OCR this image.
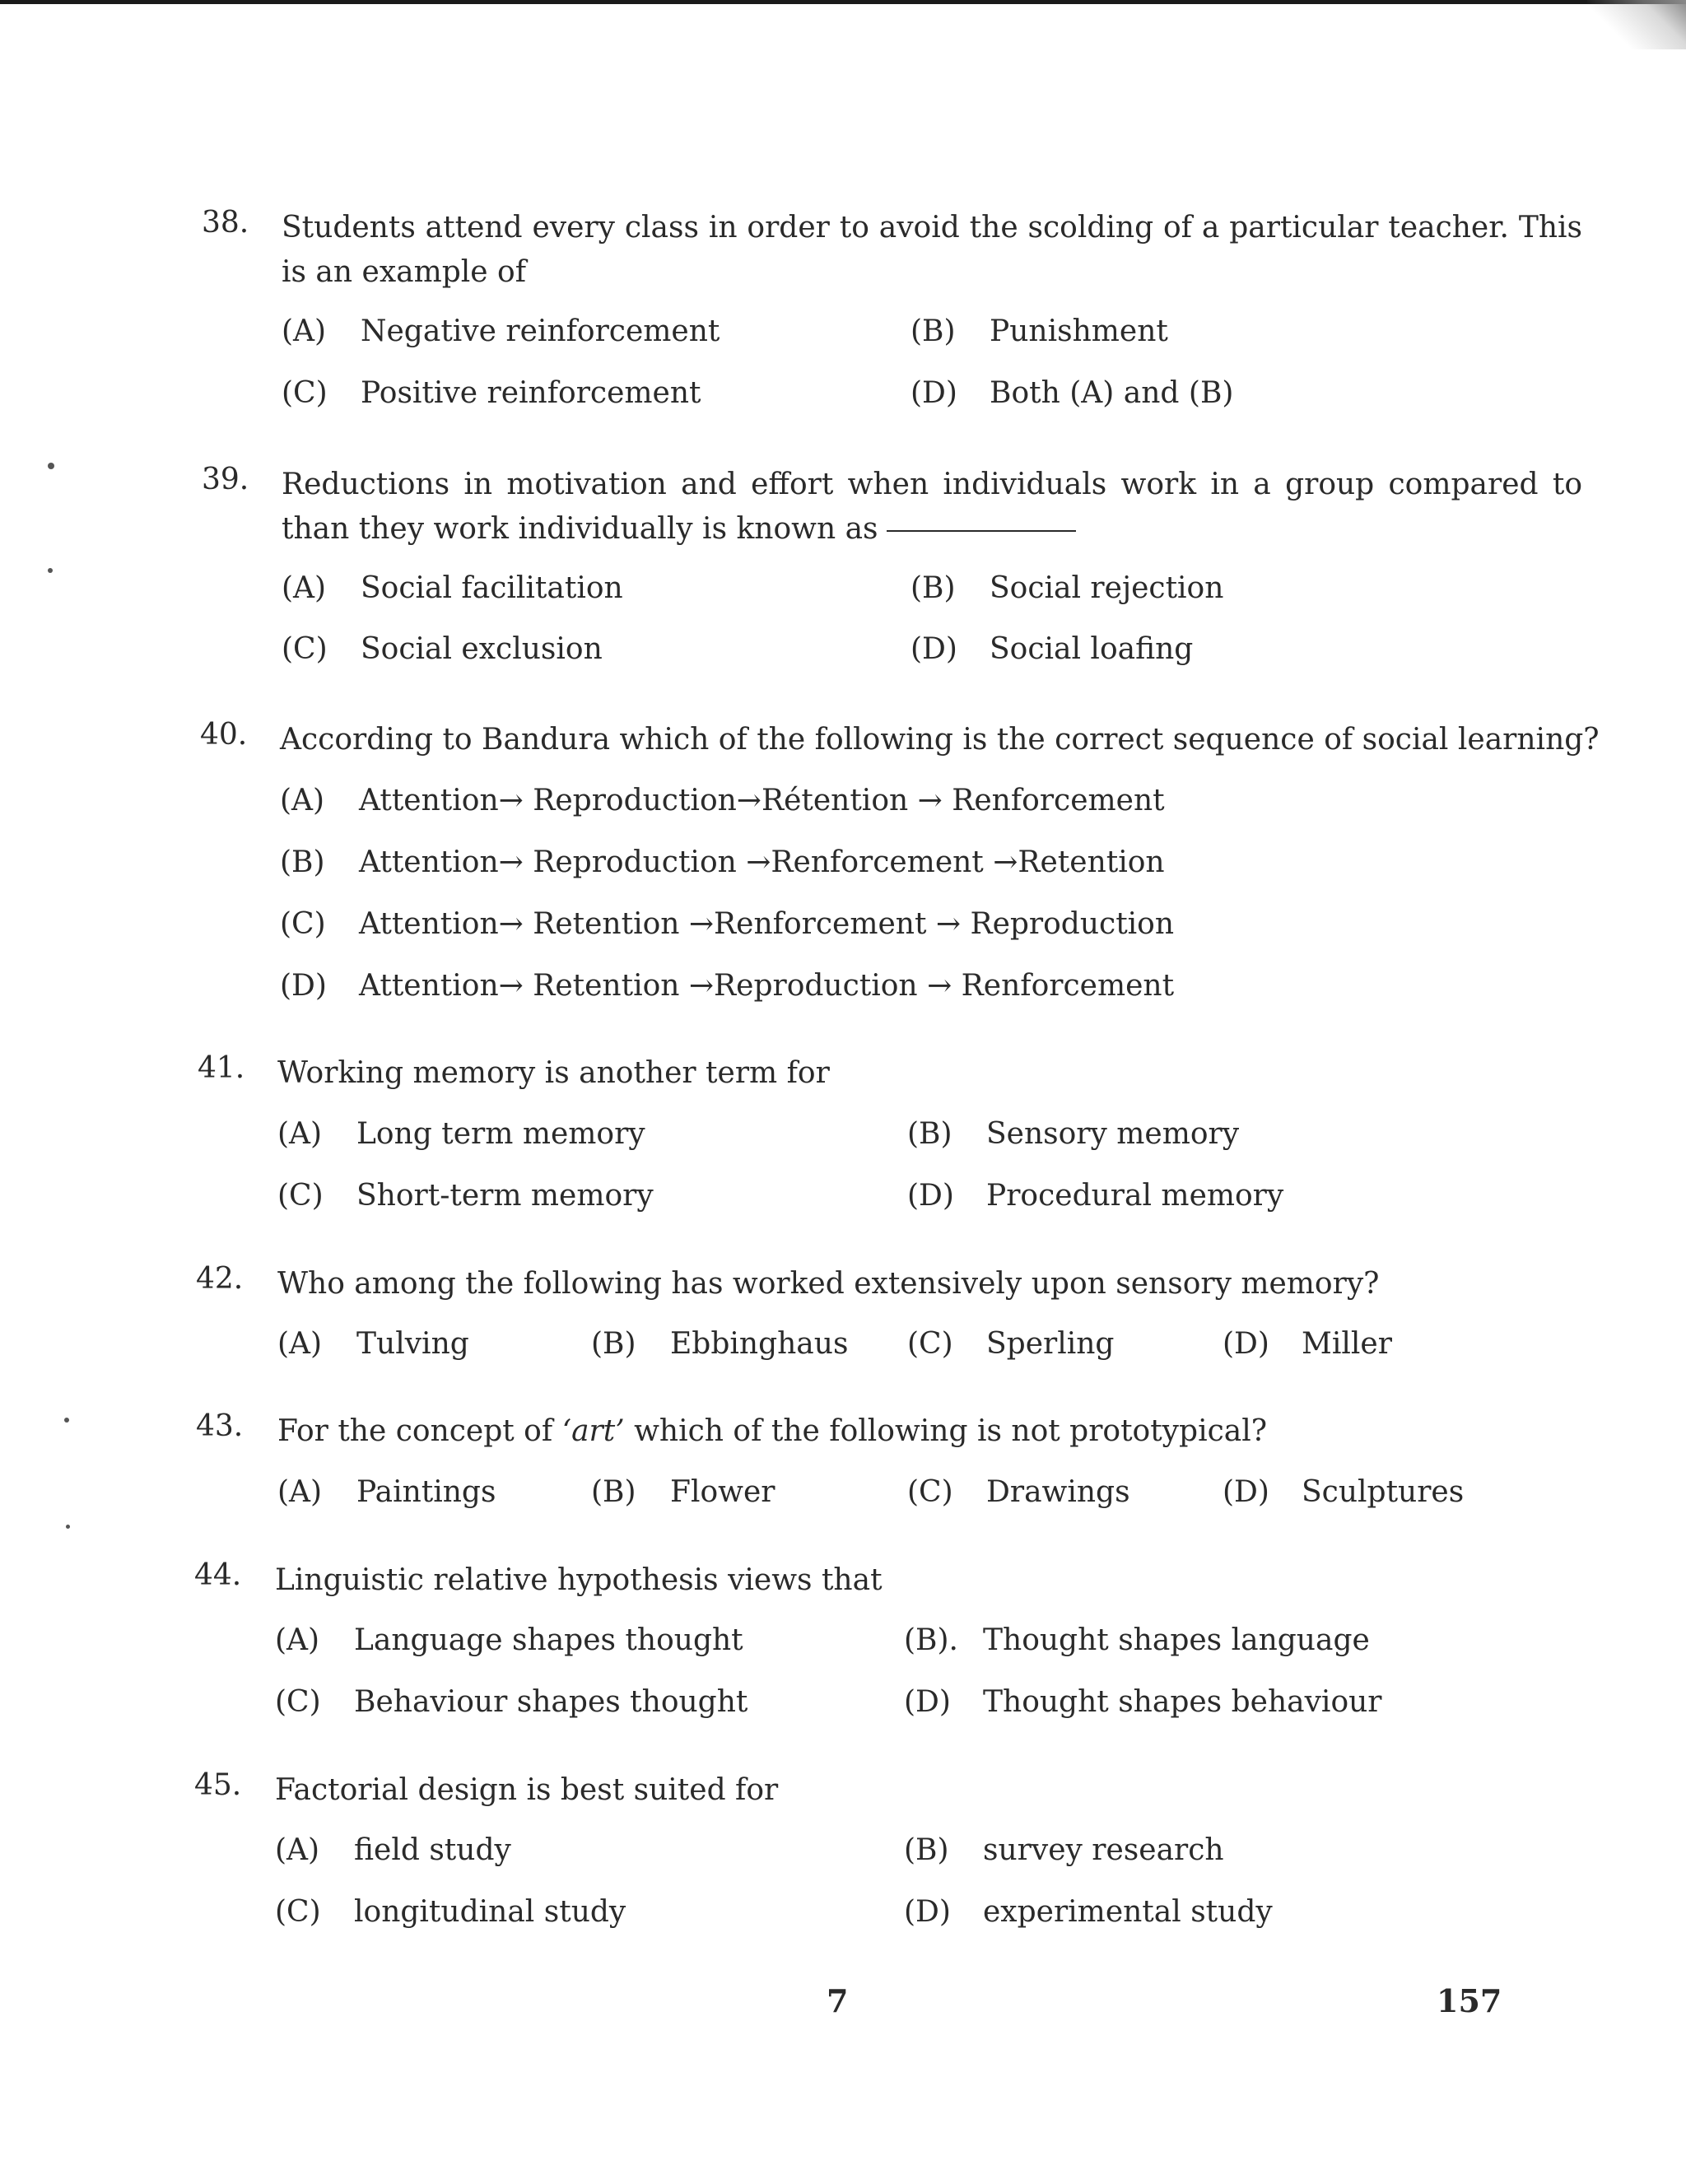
38. Students attend every class in order to avoid the scolding of a particular teacher. This is an example of
(A) Negative reinforcement	(B) Punishment
(C) Positive reinforcement	(D) Both (A) and (B)
39. Reductions in motivation and effort when individuals work in a group compared to than they work individually is known as
(A) Social facilitation	(B) Social rejection
(C) Social exclusion	(D) Social loafing
40. According to Bandura which of the following is the correct sequence of social learning?
(A) Attention→ Reproduction→Rétention → Renforcement
(B) Attention→ Reproduction →Renforcement →Retention
(C) Attention→ Retention →Renforcement → Reproduction
(D) Attention→ Retention →Reproduction → Renforcement
41. Working memory is another term for
(A) Long term memory	(B) Sensory memory
(C) Short-term memory	(D) Procedural memory
42. Who among the following has worked extensively upon sensory memory?
(A) Tulving	(B) Ebbinghaus (C) Sperling	(D) Miller
43. For the concept of ‘art’ which of the following is not prototypical?
(A) Paintings	(B) Flower	(C) Drawings	(D) Sculptures
44. Linguistic relative hypothesis views that
(A) Language shapes thought	(B). Thought shapes language
(C) Behaviour shapes thought	(D) Thought shapes behaviour
45. Factorial design is best suited for
(A) field study	(B) survey research
(C) longitudinal study	(D) experimental study
7	157
